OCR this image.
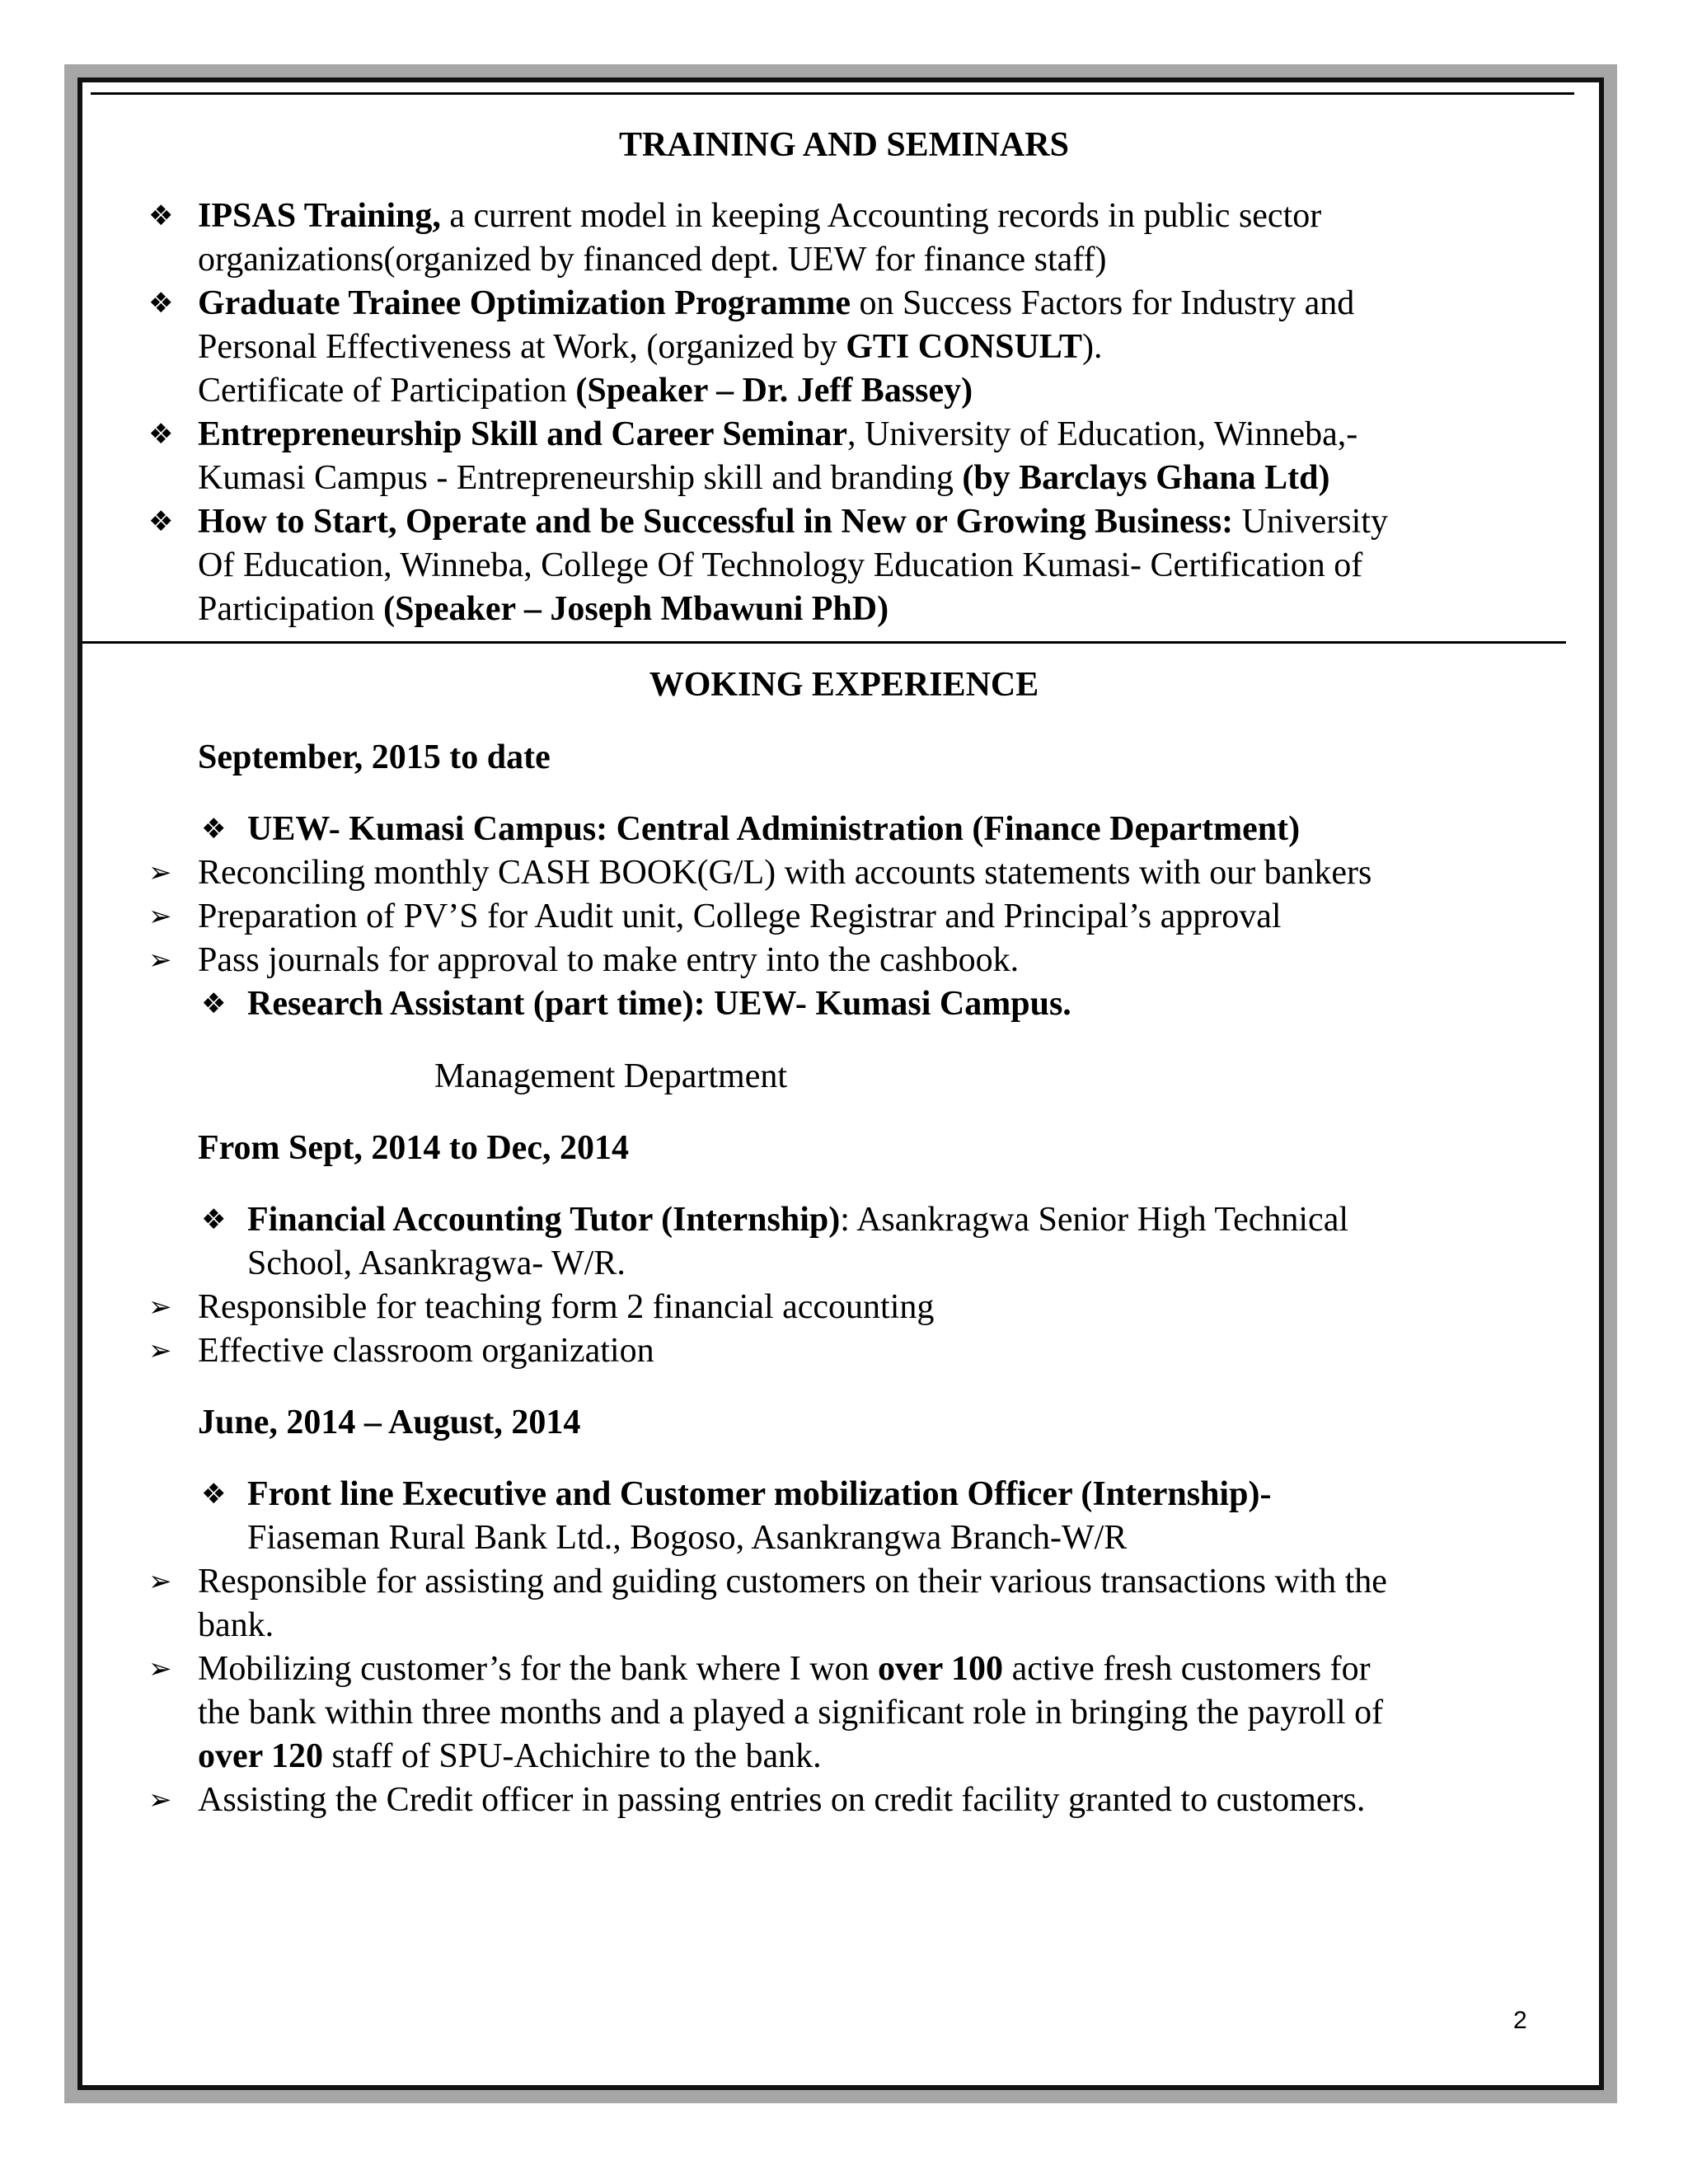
TRAINING AND SEMINARS
❖ IPSAS Training, a current model in keeping Accounting records in public sector
organizations(organized by financed dept. UEW for finance staff)
❖ Graduate Trainee Optimization Programme on Success Factors for Industry and
Personal Effectiveness at Work, (organized by GTI CONSULT).
Certificate of Participation (Speaker – Dr. Jeff Bassey)
❖ Entrepreneurship Skill and Career Seminar, University of Education, Winneba,-
Kumasi Campus - Entrepreneurship skill and branding (by Barclays Ghana Ltd)
❖ How to Start, Operate and be Successful in New or Growing Business: University
Of Education, Winneba, College Of Technology Education Kumasi- Certification of
Participation (Speaker – Joseph Mbawuni PhD)
WOKING EXPERIENCE
September, 2015 to date
❖ UEW- Kumasi Campus: Central Administration (Finance Department)
➢ Reconciling monthly CASH BOOK(G/L) with accounts statements with our bankers
➢ Preparation of PV’S for Audit unit, College Registrar and Principal’s approval
➢ Pass journals for approval to make entry into the cashbook.
❖ Research Assistant (part time): UEW- Kumasi Campus.
Management Department
From Sept, 2014 to Dec, 2014
❖ Financial Accounting Tutor (Internship): Asankragwa Senior High Technical
School, Asankragwa- W/R.
➢ Responsible for teaching form 2 financial accounting
➢ Effective classroom organization
June, 2014 – August, 2014
❖ Front line Executive and Customer mobilization Officer (Internship)-
Fiaseman Rural Bank Ltd., Bogoso, Asankrangwa Branch-W/R
➢ Responsible for assisting and guiding customers on their various transactions with the
bank.
➢ Mobilizing customer’s for the bank where I won over 100 active fresh customers for
the bank within three months and a played a significant role in bringing the payroll of
over 120 staff of SPU-Achichire to the bank.
➢ Assisting the Credit officer in passing entries on credit facility granted to customers.
2
